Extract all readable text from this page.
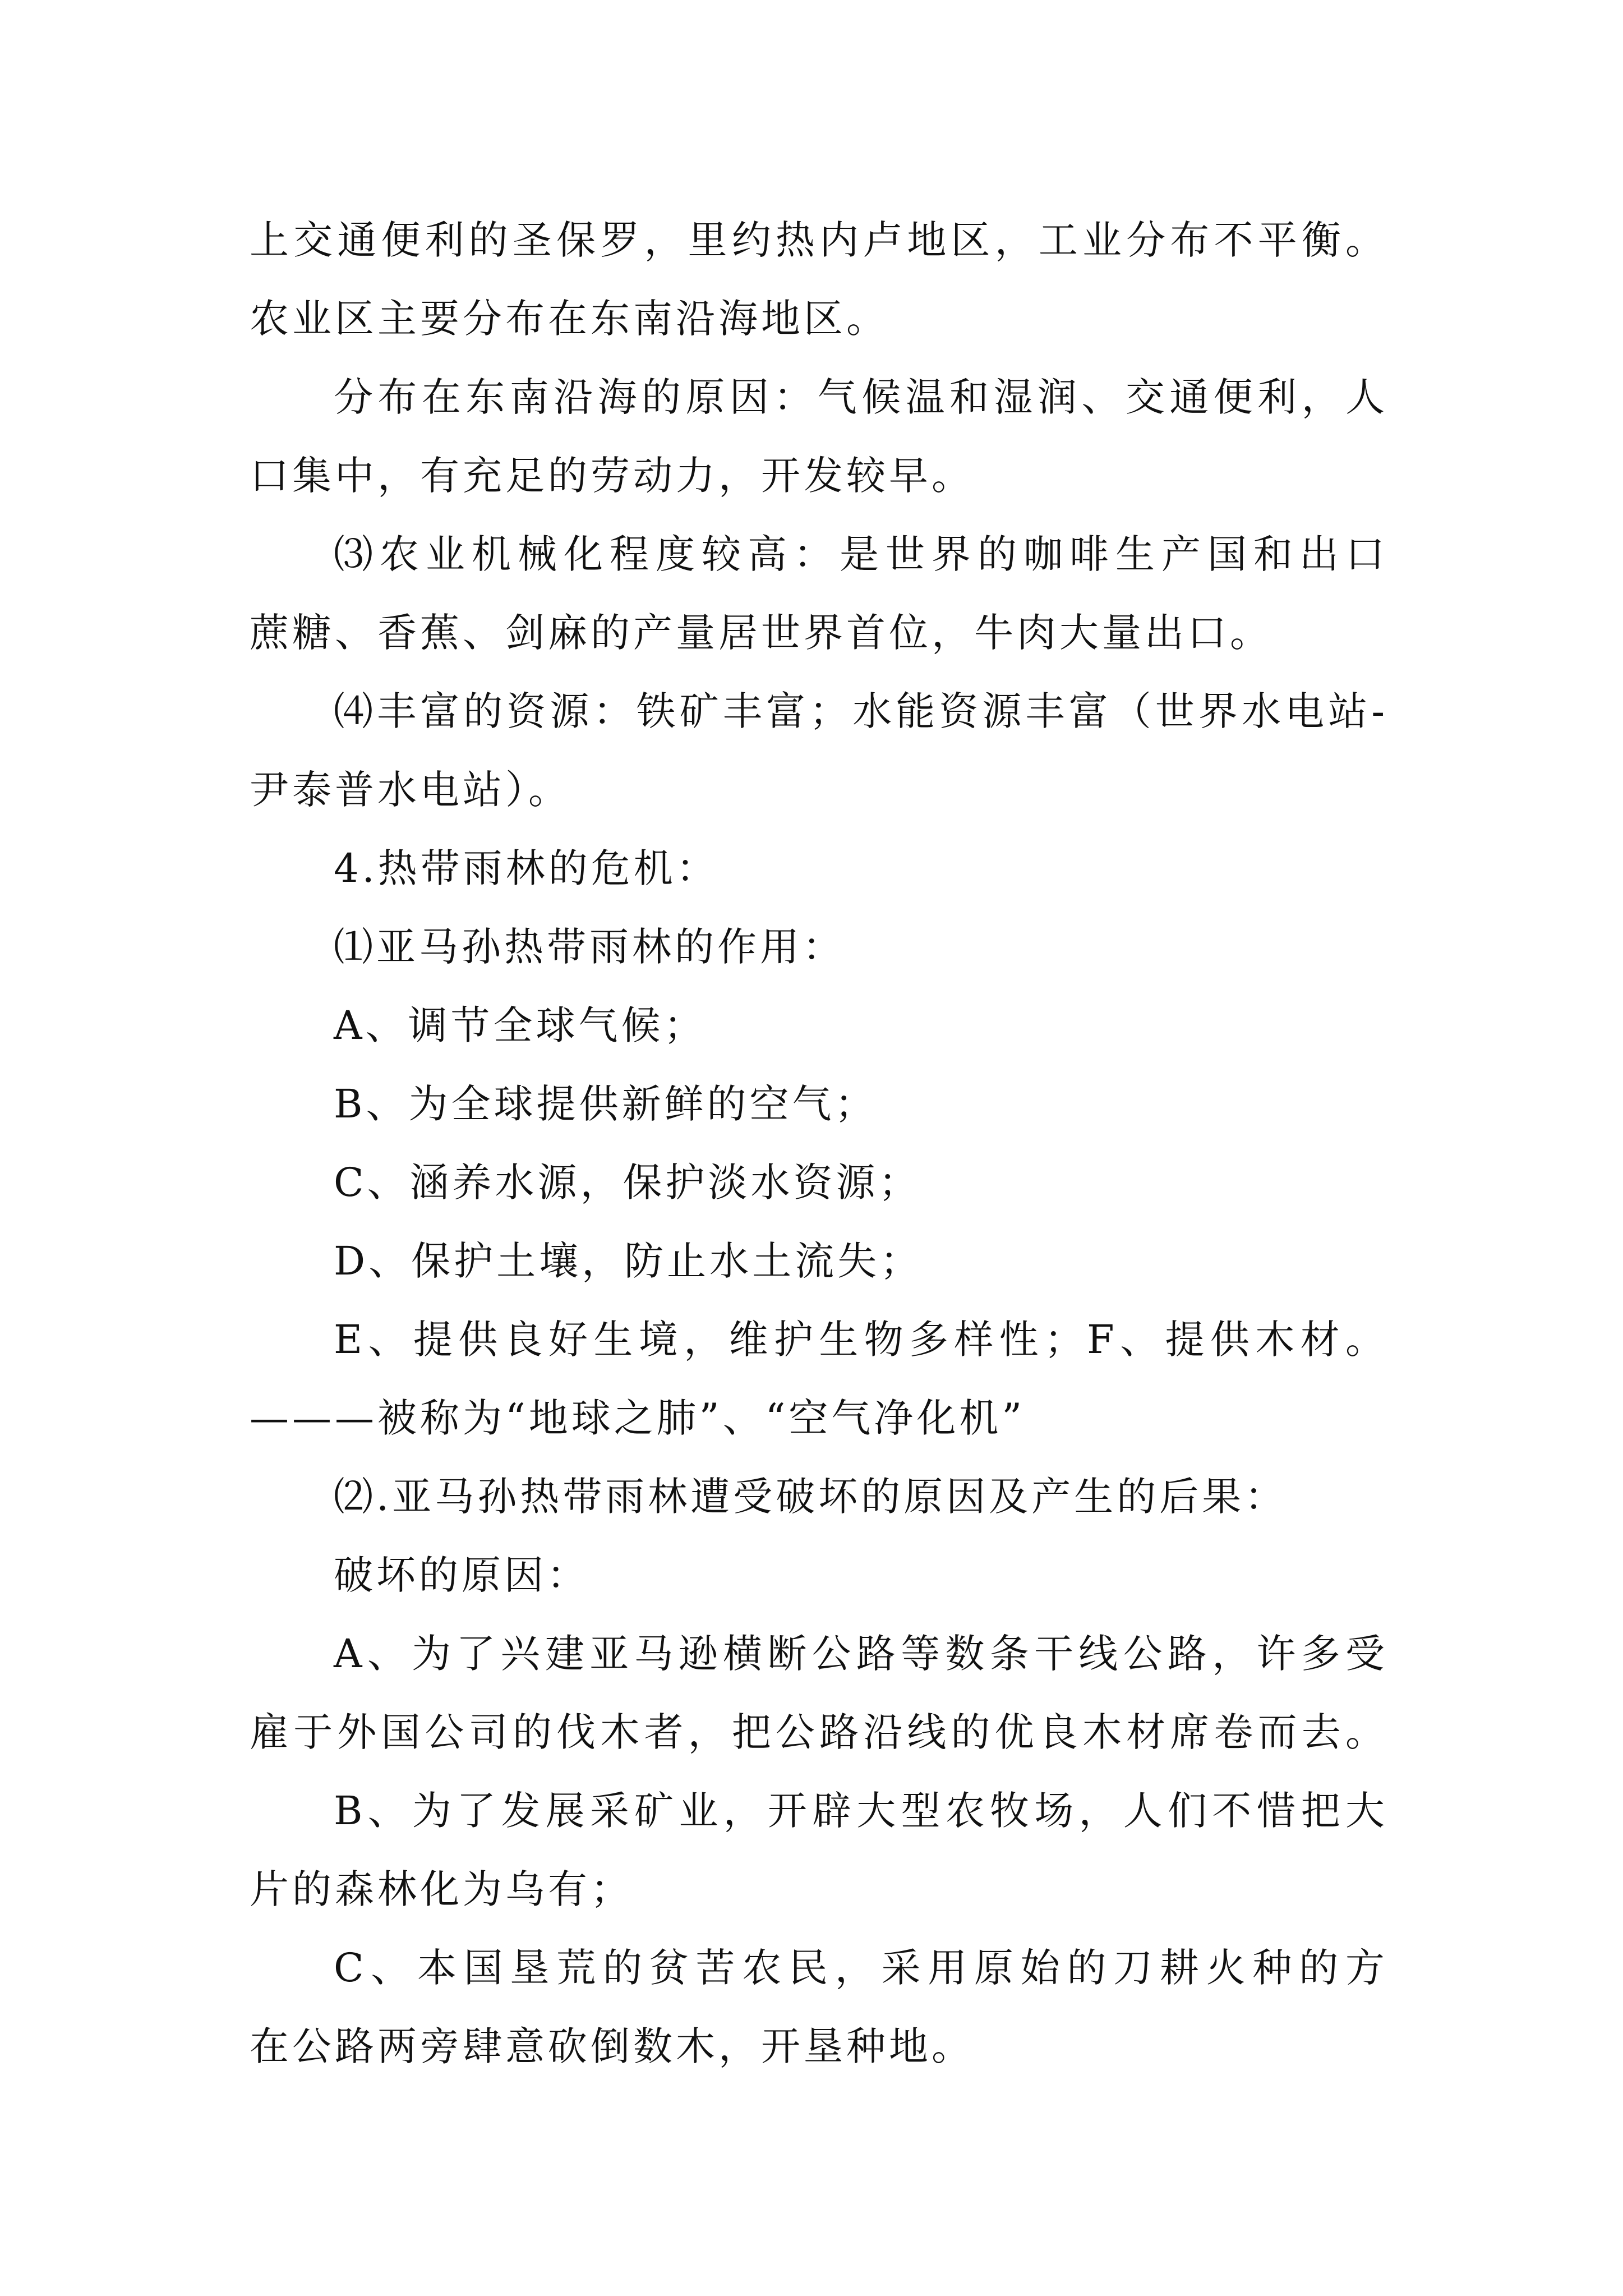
上交通便利的圣保罗，里约热内卢地区，工业分布不平衡。
农业区主要分布在东南沿海地区。
分布在东南沿海的原因：气候温和湿润、交通便利，人
口集中，有充足的劳动力，开发较早。
⑶农业机械化程度较高：是世界的咖啡生产国和出口
蔗糖、香蕉、剑麻的产量居世界首位，牛肉大量出口。
⑷丰富的资源：铁矿丰富；水能资源丰富（世界水电站-
尹泰普水电站）。
4.热带雨林的危机：
⑴亚马孙热带雨林的作用：
A、调节全球气候；
B、为全球提供新鲜的空气；
C、涵养水源，保护淡水资源；
D、保护土壤，防止水土流失；
E、提供良好生境，维护生物多样性；F、提供木材。
———被称为“地球之肺”、“空气净化机”
⑵.亚马孙热带雨林遭受破坏的原因及产生的后果：
破坏的原因：
A、为了兴建亚马逊横断公路等数条干线公路，许多受
雇于外国公司的伐木者，把公路沿线的优良木材席卷而去。
B、为了发展采矿业，开辟大型农牧场，人们不惜把大
片的森林化为乌有；
C、本国垦荒的贫苦农民，采用原始的刀耕火种的方
在公路两旁肆意砍倒数木，开垦种地。
